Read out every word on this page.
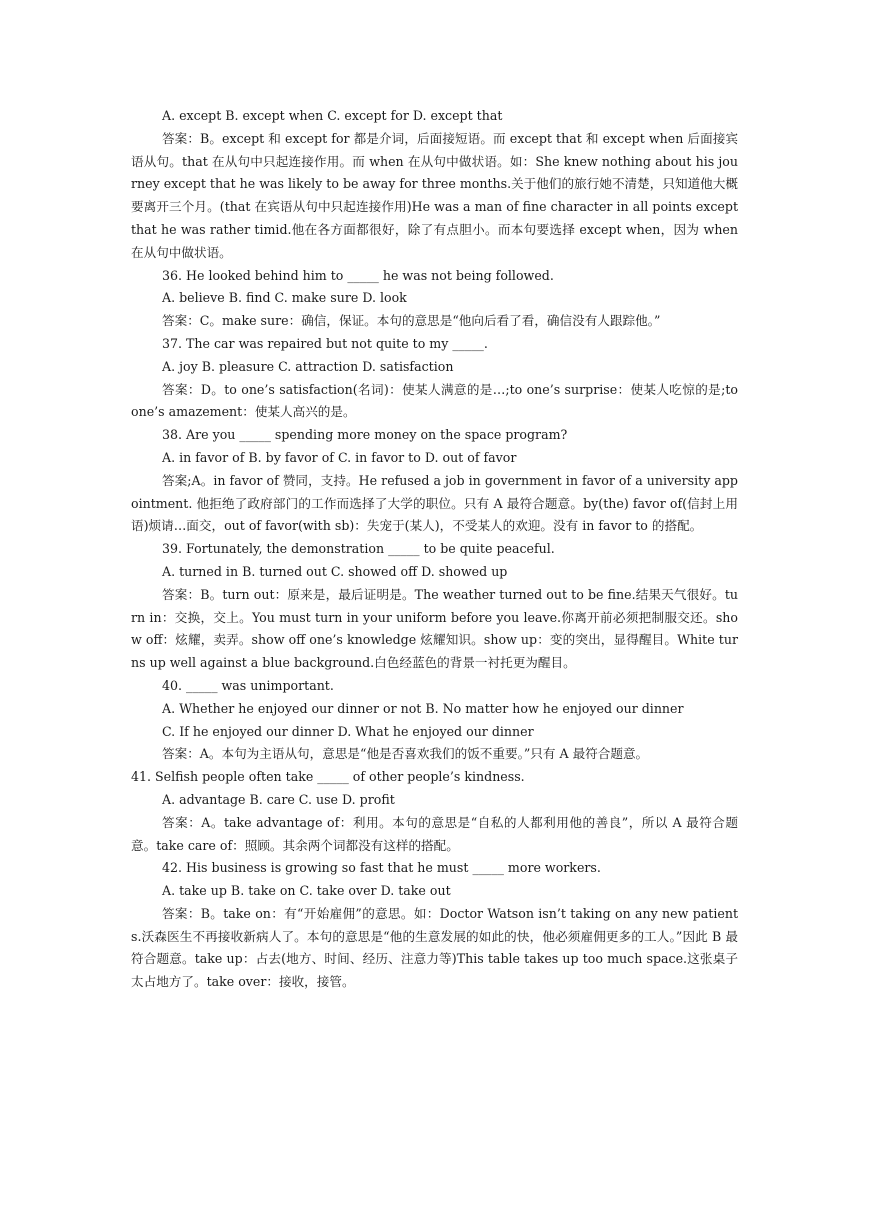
A. except B. except when C. except for D. except that

答案：B。except 和 except for 都是介词，后面接短语。而 except that 和 except when 后面接宾语从句。that 在从句中只起连接作用。而 when 在从句中做状语。如：She knew nothing about his journey except that he was likely to be away for three months.关于他们的旅行她不清楚，只知道他大概要离开三个月。(that 在宾语从句中只起连接作用)He was a man of fine character in all points except that he was rather timid.他在各方面都很好，除了有点胆小。而本句要选择 except when，因为 when 在从句中做状语。

36. He looked behind him to _____ he was not being followed.

A. believe B. find C. make sure D. look

答案：C。make sure：确信，保证。本句的意思是“他向后看了看，确信没有人跟踪他。”

37. The car was repaired but not quite to my _____.

A. joy B. pleasure C. attraction D. satisfaction

答案：D。to one’s satisfaction(名词)：使某人满意的是…;to one’s surprise：使某人吃惊的是;to one’s amazement：使某人高兴的是。

38. Are you _____ spending more money on the space program?

A. in favor of B. by favor of C. in favor to D. out of favor

答案;A。in favor of 赞同，支持。He refused a job in government in favor of a university appointment. 他拒绝了政府部门的工作而选择了大学的职位。只有 A 最符合题意。by(the) favor of(信封上用语)烦请…面交，out of favor(with sb)：失宠于(某人)，不受某人的欢迎。没有 in favor to 的搭配。

39. Fortunately, the demonstration _____ to be quite peaceful.

A. turned in B. turned out C. showed off D. showed up

答案：B。turn out：原来是，最后证明是。The weather turned out to be fine.结果天气很好。turn in：交换，交上。You must turn in your uniform before you leave.你离开前必须把制服交还。show off：炫耀，卖弄。show off one’s knowledge 炫耀知识。show up：变的突出，显得醒目。White turns up well against a blue background.白色经蓝色的背景一衬托更为醒目。

40. _____ was unimportant.

A. Whether he enjoyed our dinner or not B. No matter how he enjoyed our dinner

C. If he enjoyed our dinner D. What he enjoyed our dinner

答案：A。本句为主语从句，意思是“他是否喜欢我们的饭不重要。”只有 A 最符合题意。

41. Selfish people often take _____ of other people’s kindness.

A. advantage B. care C. use D. profit

答案：A。take advantage of：利用。本句的意思是“自私的人都利用他的善良”，所以 A 最符合题意。take care of：照顾。其余两个词都没有这样的搭配。

42. His business is growing so fast that he must _____ more workers.

A. take up B. take on C. take over D. take out

答案：B。take on：有“开始雇佣”的意思。如：Doctor Watson isn’t taking on any new patients.沃森医生不再接收新病人了。本句的意思是“他的生意发展的如此的快，他必须雇佣更多的工人。”因此 B 最符合题意。take up：占去(地方、时间、经历、注意力等)This table takes up too much space.这张桌子太占地方了。take over：接收，接管。
